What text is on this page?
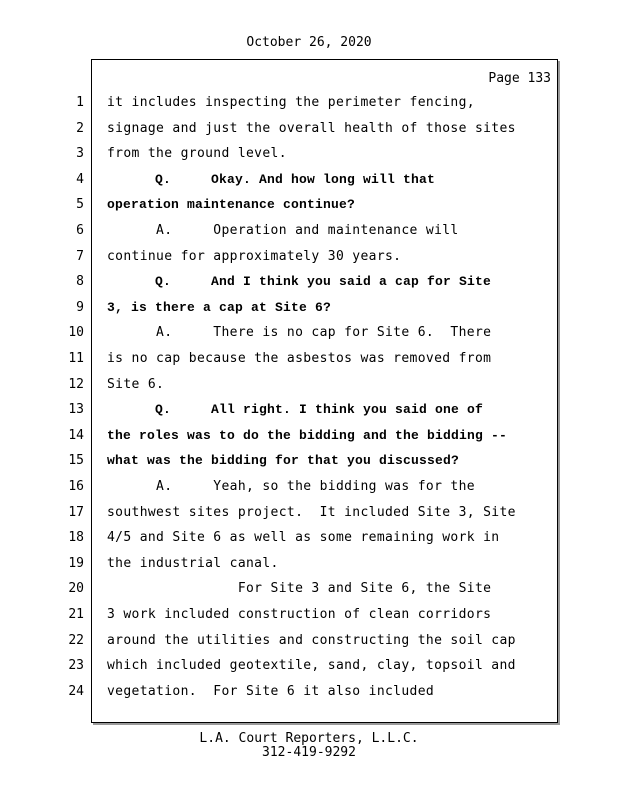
October 26, 2020
Page 133
1 it includes inspecting the perimeter fencing,
2 signage and just the overall health of those sites
3 from the ground level.
4 Q.     Okay. And how long will that
5 operation maintenance continue?
6 A.     Operation and maintenance will
7 continue for approximately 30 years.
8 Q.     And I think you said a cap for Site
9 3, is there a cap at Site 6?
10 A.     There is no cap for Site 6.  There
11 is no cap because the asbestos was removed from
12 Site 6.
13 Q.     All right. I think you said one of
14 the roles was to do the bidding and the bidding --
15 what was the bidding for that you discussed?
16 A.     Yeah, so the bidding was for the
17 southwest sites project.  It included Site 3, Site
18 4/5 and Site 6 as well as some remaining work in
19 the industrial canal.
20 For Site 3 and Site 6, the Site
21 3 work included construction of clean corridors
22 around the utilities and constructing the soil cap
23 which included geotextile, sand, clay, topsoil and
24 vegetation.  For Site 6 it also included
L.A. Court Reporters, L.L.C.
312-419-9292
